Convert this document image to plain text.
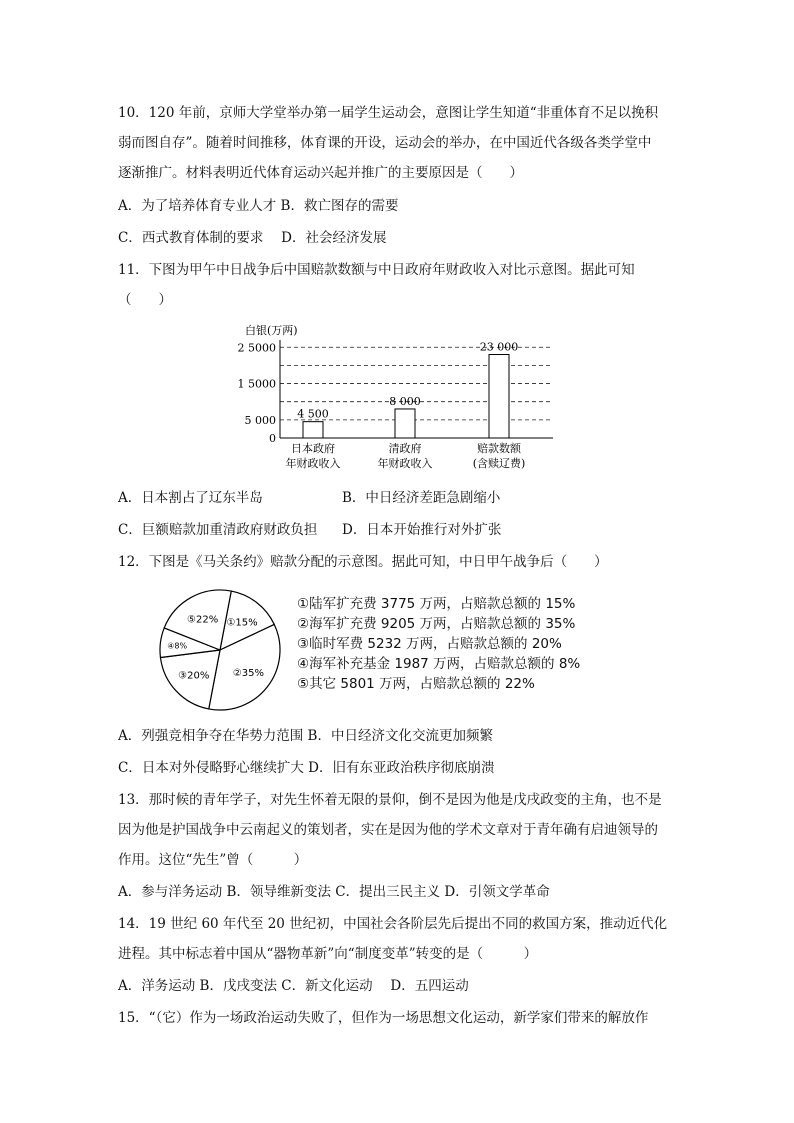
10．120 年前，京师大学堂举办第一届学生运动会，意图让学生知道“非重体育不足以挽积
弱而图自存”。随着时间推移，体育课的开设，运动会的举办，在中国近代各级各类学堂中
逐渐推广。材料表明近代体育运动兴起并推广的主要原因是（　　）
A．为了培养体育专业人才 B．救亡图存的需要
C．西式教育体制的要求　 D．社会经济发展
11．下图为甲午中日战争后中国赔款数额与中日政府年财政收入对比示意图。据此可知
（　　）
白银(万两)
0
5 000
1 5000
2 5000
4 500
8 000
23 000
日本政府
年财政收入
清政府
年财政收入
赔款数额
(含赎辽费)
A．日本割占了辽东半岛	B．中日经济差距急剧缩小
C．巨额赔款加重清政府财政负担 D．日本开始推行对外扩张
12．下图是《马关条约》赔款分配的示意图。据此可知，中日甲午战争后（　　）
①15%
②35%
③20%
④8%
⑤22%
①陆军扩充费 3775 万两，占赔款总额的 15%
②海军扩充费 9205 万两，占赔款总额的 35%
③临时军费 5232 万两，占赔款总额的 20%
④海军补充基金 1987 万两，占赔款总额的 8%
⑤其它 5801 万两，占赔款总额的 22%
A．列强竞相争夺在华势力范围 B．中日经济文化交流更加频繁
C．日本对外侵略野心继续扩大 D．旧有东亚政治秩序彻底崩溃
13．那时候的青年学子，对先生怀着无限的景仰，倒不是因为他是戊戌政变的主角，也不是
因为他是护国战争中云南起义的策划者，实在是因为他的学术文章对于青年确有启迪领导的
作用。这位“先生”曾（　　　）
A．参与洋务运动 B．领导维新变法 C．提出三民主义 D．引领文学革命
14．19 世纪 60 年代至 20 世纪初，中国社会各阶层先后提出不同的救国方案，推动近代化
进程。其中标志着中国从“器物革新”向“制度变革”转变的是（　　　）
A．洋务运动 B．戊戌变法 C．新文化运动　 D．五四运动
15．“（它）作为一场政治运动失败了，但作为一场思想文化运动，新学家们带来的解放作
